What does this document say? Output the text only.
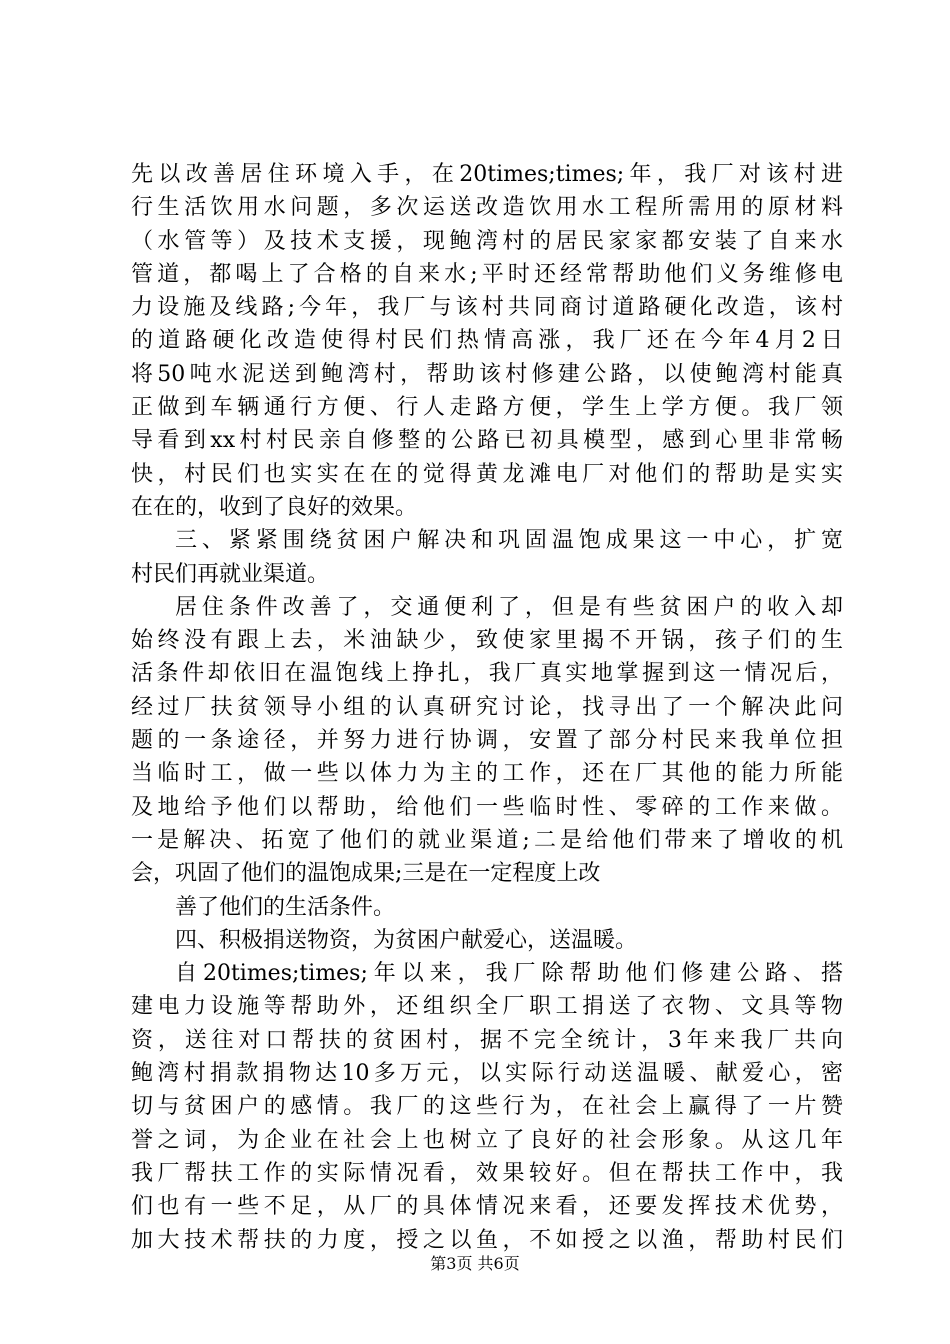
先以改善居住环境入手，在20times;times;年，我厂对该村进
行生活饮用水问题，多次运送改造饮用水工程所需用的原材料
（水管等）及技术支援，现鲍湾村的居民家家都安装了自来水
管道，都喝上了合格的自来水;平时还经常帮助他们义务维修电
力设施及线路;今年，我厂与该村共同商讨道路硬化改造，该村
的道路硬化改造使得村民们热情高涨，我厂还在今年4月2日
将50吨水泥送到鲍湾村，帮助该村修建公路，以使鲍湾村能真
正做到车辆通行方便、行人走路方便，学生上学方便。我厂领
导看到xx村村民亲自修整的公路已初具模型，感到心里非常畅
快，村民们也实实在在的觉得黄龙滩电厂对他们的帮助是实实
在在的，收到了良好的效果。
三、紧紧围绕贫困户解决和巩固温饱成果这一中心，扩宽
村民们再就业渠道。
居住条件改善了，交通便利了，但是有些贫困户的收入却
始终没有跟上去，米油缺少，致使家里揭不开锅，孩子们的生
活条件却依旧在温饱线上挣扎，我厂真实地掌握到这一情况后，
经过厂扶贫领导小组的认真研究讨论，找寻出了一个解决此问
题的一条途径，并努力进行协调，安置了部分村民来我单位担
当临时工，做一些以体力为主的工作，还在厂其他的能力所能
及地给予他们以帮助，给他们一些临时性、零碎的工作来做。
一是解决、拓宽了他们的就业渠道;二是给他们带来了增收的机
会，巩固了他们的温饱成果;三是在一定程度上改
善了他们的生活条件。
四、积极捐送物资，为贫困户献爱心，送温暖。
自20times;times;年以来，我厂除帮助他们修建公路、搭
建电力设施等帮助外，还组织全厂职工捐送了衣物、文具等物
资，送往对口帮扶的贫困村，据不完全统计，3年来我厂共向
鲍湾村捐款捐物达10多万元，以实际行动送温暖、献爱心，密
切与贫困户的感情。我厂的这些行为，在社会上赢得了一片赞
誉之词，为企业在社会上也树立了良好的社会形象。从这几年
我厂帮扶工作的实际情况看，效果较好。但在帮扶工作中，我
们也有一些不足，从厂的具体情况来看，还要发挥技术优势，
加大技术帮扶的力度，授之以鱼，不如授之以渔，帮助村民们
第3页 共6页
